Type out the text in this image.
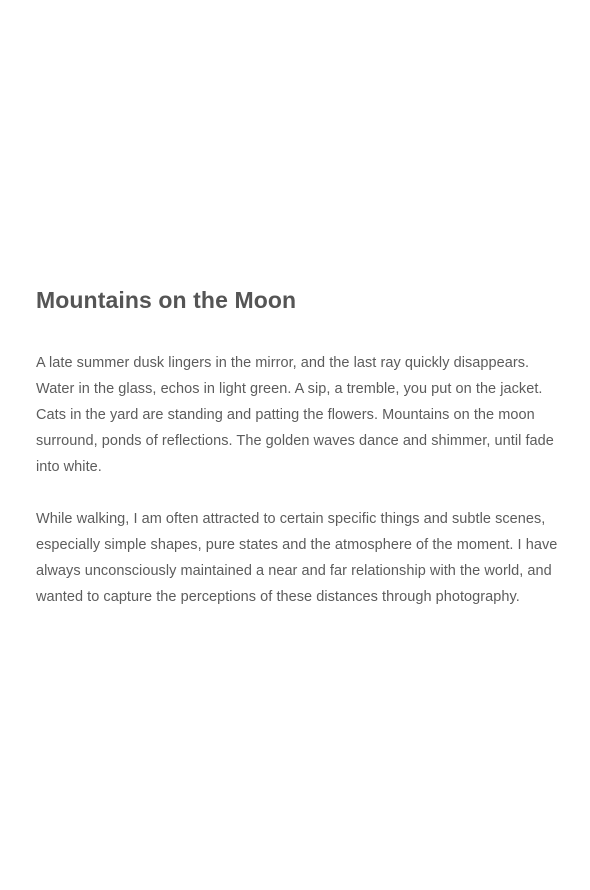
Mountains on the Moon

A late summer dusk lingers in the mirror, and the last ray quickly disappears. Water in the glass, echos in light green. A sip, a tremble, you put on the jacket. Cats in the yard are standing and patting the flowers. Mountains on the moon surround, ponds of reflections. The golden waves dance and shimmer, until fade into white.

While walking, I am often attracted to certain specific things and subtle scenes, especially simple shapes, pure states and the atmosphere of the moment. I have always unconsciously maintained a near and far relationship with the world, and wanted to capture the perceptions of these distances through photography.
